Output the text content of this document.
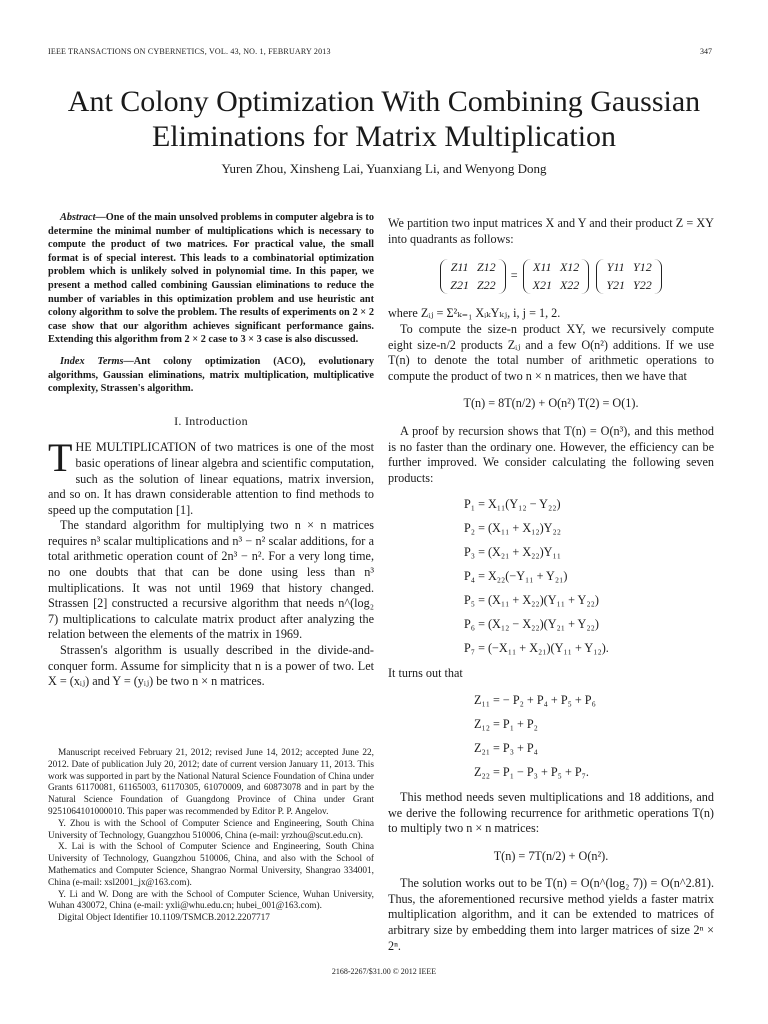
IEEE TRANSACTIONS ON CYBERNETICS, VOL. 43, NO. 1, FEBRUARY 2013	347
Ant Colony Optimization With Combining Gaussian Eliminations for Matrix Multiplication
Yuren Zhou, Xinsheng Lai, Yuanxiang Li, and Wenyong Dong

Abstract—One of the main unsolved problems in computer algebra is to determine the minimal number of multiplications which is necessary to compute the product of two matrices. For practical value, the small format is of special interest. This leads to a combinatorial optimization problem which is unlikely solved in polynomial time. In this paper, we present a method called combining Gaussian eliminations to reduce the number of variables in this optimization problem and use heuristic ant colony algorithm to solve the problem. The results of experiments on 2 × 2 case show that our algorithm achieves significant performance gains. Extending this algorithm from 2 × 2 case to 3 × 3 case is also discussed.

Index Terms—Ant colony optimization (ACO), evolutionary algorithms, Gaussian eliminations, matrix multiplication, multiplicative complexity, Strassen's algorithm.

I. Introduction

THE MULTIPLICATION of two matrices is one of the most basic operations of linear algebra and scientific computation, such as the solution of linear equations, matrix inversion, and so on. It has drawn considerable attention to find methods to speed up the computation [1].

The standard algorithm for multiplying two n × n matrices requires n³ scalar multiplications and n³ − n² scalar additions, for a total arithmetic operation count of 2n³ − n². For a very long time, no one doubts that that can be done using less than n³ multiplications. It was not until 1969 that history changed. Strassen [2] constructed a recursive algorithm that needs n^(log₂ 7) multiplications to calculate matrix product after analyzing the relation between the elements of the matrix in 1969.

Strassen's algorithm is usually described in the divide-and-conquer form. Assume for simplicity that n is a power of two. Let X = (xᵢⱼ) and Y = (yᵢⱼ) be two n × n matrices.

Manuscript received February 21, 2012; revised June 14, 2012; accepted June 22, 2012. Date of publication July 20, 2012; date of current version January 11, 2013. This work was supported in part by the National Natural Science Foundation of China under Grants 61170081, 61165003, 61170305, 61070009, and 60873078 and in part by the Natural Science Foundation of Guangdong Province of China under Grant 9251064101000010. This paper was recommended by Editor P. P. Angelov.

Y. Zhou is with the School of Computer Science and Engineering, South China University of Technology, Guangzhou 510006, China (e-mail: yrzhou@scut.edu.cn).

X. Lai is with the School of Computer Science and Engineering, South China University of Technology, Guangzhou 510006, China, and also with the School of Mathematics and Computer Science, Shangrao Normal University, Shangrao 334001, China (e-mail: xsl2001_jx@163.com).

Y. Li and W. Dong are with the School of Computer Science, Wuhan University, Wuhan 430072, China (e-mail: yxli@whu.edu.cn; hubei_001@163.com).

Digital Object Identifier 10.1109/TSMCB.2012.2207717

We partition two input matrices X and Y and their product Z = XY into quadrants as follows:

Z11	Z12
Z21	Z22
=
X11	X12
X21	X22

Y11	Y12
Y21	Y22

where Zᵢⱼ = Σ²ₖ₌₁ XᵢₖYₖⱼ, i, j = 1, 2.

To compute the size-n product XY, we recursively compute eight size-n/2 products Zᵢⱼ and a few O(n²) additions. If we use T(n) to denote the total number of arithmetic operations to compute the product of two n × n matrices, then we have that

T(n) = 8T(n/2) + O(n²) T(2) = O(1).

A proof by recursion shows that T(n) = O(n³), and this method is no faster than the ordinary one. However, the efficiency can be further improved. We consider calculating the following seven products:

P₁ = X₁₁(Y₁₂ − Y₂₂)
P₂ = (X₁₁ + X₁₂)Y₂₂
P₃ = (X₂₁ + X₂₂)Y₁₁
P₄ = X₂₂(−Y₁₁ + Y₂₁)
P₅ = (X₁₁ + X₂₂)(Y₁₁ + Y₂₂)
P₆ = (X₁₂ − X₂₂)(Y₂₁ + Y₂₂)
P₇ = (−X₁₁ + X₂₁)(Y₁₁ + Y₁₂).

It turns out that

Z₁₁ = − P₂ + P₄ + P₅ + P₆
Z₁₂ = P₁ + P₂
Z₂₁ = P₃ + P₄
Z₂₂ = P₁ − P₃ + P₅ + P₇.

This method needs seven multiplications and 18 additions, and we derive the following recurrence for arithmetic operations T(n) to multiply two n × n matrices:

T(n) = 7T(n/2) + O(n²).

The solution works out to be T(n) = O(n^(log₂ 7)) = O(n^2.81). Thus, the aforementioned recursive method yields a faster matrix multiplication algorithm, and it can be extended to matrices of arbitrary size by embedding them into larger matrices of size 2ⁿ × 2ⁿ.

2168-2267/$31.00 © 2012 IEEE
